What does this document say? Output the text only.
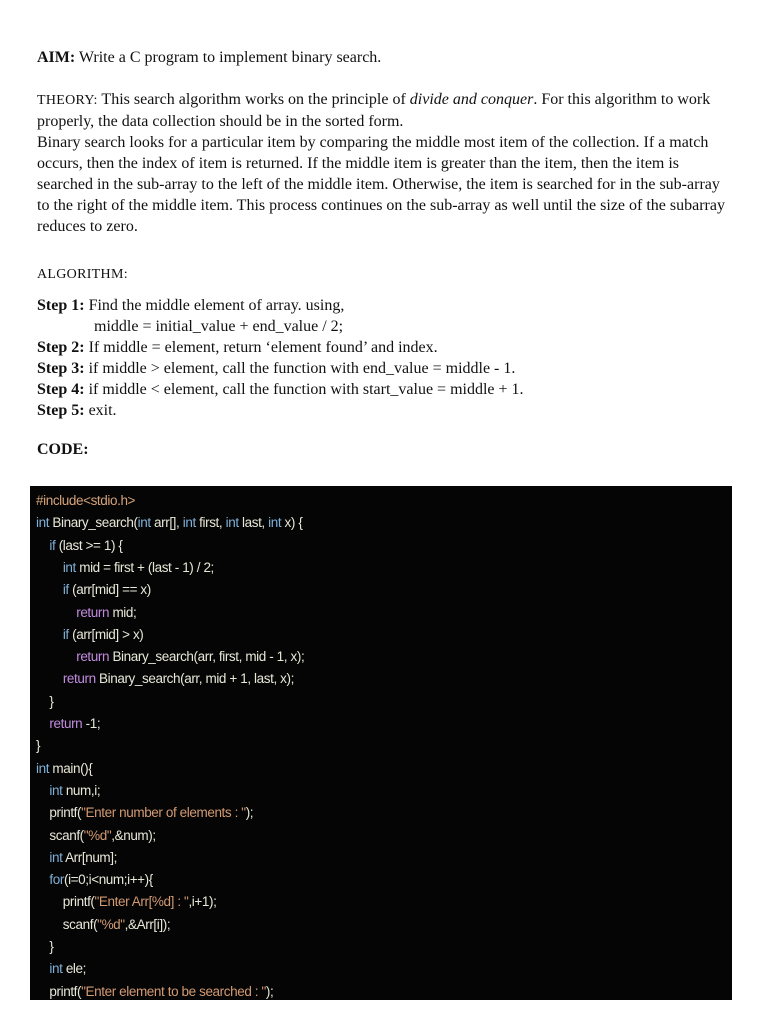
AIM: Write a C program to implement binary search.

THEORY: This search algorithm works on the principle of divide and conquer. For this algorithm to work properly, the data collection should be in the sorted form.

Binary search looks for a particular item by comparing the middle most item of the collection. If a match occurs, then the index of item is returned. If the middle item is greater than the item, then the item is searched in the sub-array to the left of the middle item. Otherwise, the item is searched for in the sub-array to the right of the middle item. This process continues on the sub-array as well until the size of the subarray reduces to zero.

ALGORITHM:

Step 1: Find the middle element of array. using,

middle = initial_value + end_value / 2;

Step 2: If middle = element, return ‘element found’ and index.

Step 3: if middle > element, call the function with end_value = middle - 1.

Step 4: if middle < element, call the function with start_value = middle + 1.

Step 5: exit.

CODE:

#include<stdio.h>
int Binary_search(int arr[], int first, int last, int x) {
if (last >= 1) {
int mid = first + (last - 1) / 2;
if (arr[mid] == x)
return mid;
if (arr[mid] > x)
return Binary_search(arr, first, mid - 1, x);
return Binary_search(arr, mid + 1, last, x);
}
return -1;
}
int main(){
int num,i;
printf("Enter number of elements : ");
scanf("%d",&num);
int Arr[num];
for(i=0;i<num;i++){
printf("Enter Arr[%d] : ",i+1);
scanf("%d",&Arr[i]);
}
int ele;
printf("Enter element to be searched : ");
